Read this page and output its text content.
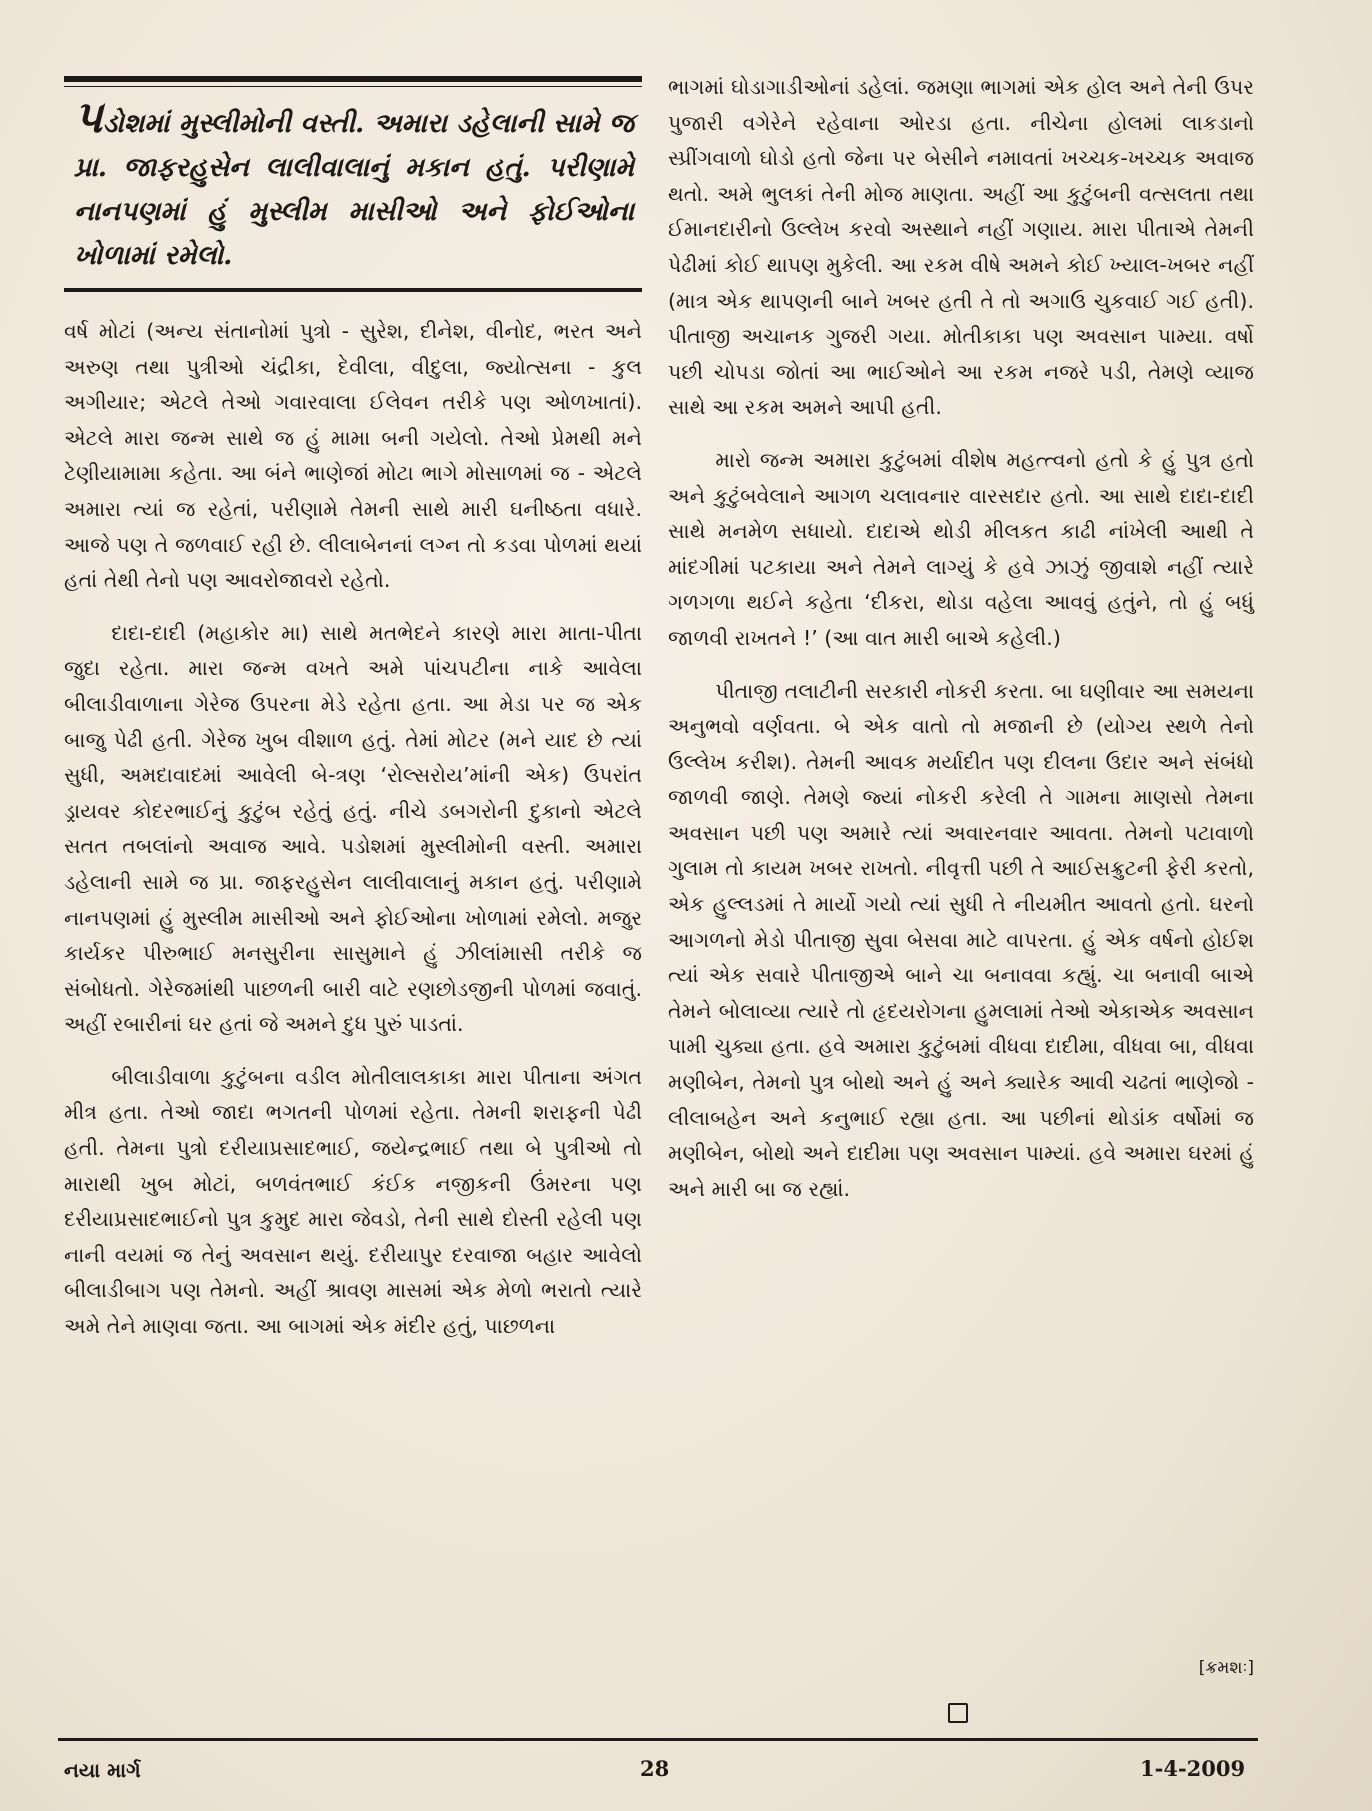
પડોશમાં મુસ્લીમોની વસ્તી. અમારા ડહેલાની સામે જ પ્રા. જાફરહુસેન લાલીવાલાનું મકાન હતું. પરીણામે નાનપણમાં હું મુસ્લીમ માસીઓ અને ફોઈઓના ખોળામાં રમેલો.

વર્ષ મોટાં (અન્ય સંતાનોમાં પુત્રો - સુરેશ, દીનેશ, વીનોદ, ભરત અને અરુણ તથા પુત્રીઓ ચંદ્રીકા, દેવીલા, વીદુલા, જ્યોત્સના - કુલ અગીયાર; એટલે તેઓ ગવારવાલા ઈલેવન તરીકે પણ ઓળખાતાં). એટલે મારા જન્મ સાથે જ હું મામા બની ગયેલો. તેઓ પ્રેમથી મને ટેણીયામામા કહેતા. આ બંને ભાણેજાં મોટા ભાગે મોસાળમાં જ - એટલે અમારા ત્યાં જ રહેતાં, પરીણામે તેમની સાથે મારી ઘનીષ્ઠતા વધારે. આજે પણ તે જળવાઈ રહી છે. લીલાબેનનાં લગ્ન તો કડવા પોળમાં થયાં હતાં તેથી તેનો પણ આવરોજાવરો રહેતો.

દાદા-દાદી (મહાકોર મા) સાથે મતભેદને કારણે મારા માતા-પીતા જુદા રહેતા. મારા જન્મ વખતે અમે પાંચપટીના નાકે આવેલા બીલાડીવાળાના ગેરેજ ઉપરના મેડે રહેતા હતા. આ મેડા પર જ એક બાજુ પેઢી હતી. ગેરેજ ખુબ વીશાળ હતું. તેમાં મોટર (મને યાદ છે ત્યાં સુધી, અમદાવાદમાં આવેલી બે-ત્રણ ‘રોલ્સરોય’માંની એક) ઉપરાંત ડ્રાયવર કોદરભાઈનું કુટુંબ રહેતું હતું. નીચે ડબગરોની દુકાનો એટલે સતત તબલાંનો અવાજ આવે. પડોશમાં મુસ્લીમોની વસ્તી. અમારા ડહેલાની સામે જ પ્રા. જાફરહુસેન લાલીવાલાનું મકાન હતું. પરીણામે નાનપણમાં હું મુસ્લીમ માસીઓ અને ફોઈઓના ખોળામાં રમેલો. મજુર કાર્યકર પીરુભાઈ મનસુરીના સાસુમાને હું ઝીલાંમાસી તરીકે જ સંબોધતો. ગેરેજમાંથી પાછળની બારી વાટે રણછોડજીની પોળમાં જવાતું. અહીં રબારીનાં ઘર હતાં જે અમને દુધ પુરું પાડતાં.

બીલાડીવાળા કુટુંબના વડીલ મોતીલાલકાકા મારા પીતાના અંગત મીત્ર હતા. તેઓ જાદા ભગતની પોળમાં રહેતા. તેમની શરાફની પેઢી હતી. તેમના પુત્રો દરીયાપ્રસાદભાઈ, જયેન્દ્રભાઈ તથા બે પુત્રીઓ તો મારાથી ખુબ મોટાં, બળવંતભાઈ કંઈક નજીકની ઉંમરના પણ દરીયાપ્રસાદભાઈનો પુત્ર કુમુદ મારા જેવડો, તેની સાથે દોસ્તી રહેલી પણ નાની વયમાં જ તેનું અવસાન થયું. દરીયાપુર દરવાજા બહાર આવેલો બીલાડીબાગ પણ તેમનો. અહીં શ્રાવણ માસમાં એક મેળો ભરાતો ત્યારે અમે તેને માણવા જતા. આ બાગમાં એક મંદીર હતું, પાછળના

ભાગમાં ઘોડાગાડીઓનાં ડહેલાં. જમણા ભાગમાં એક હોલ અને તેની ઉપર પુજારી વગેરેને રહેવાના ઓરડા હતા. નીચેના હોલમાં લાકડાનો સ્પ્રીંગવાળો ઘોડો હતો જેના પર બેસીને નમાવતાં ખચ્ચક-ખચ્ચક અવાજ થતો. અમે ભુલકાં તેની મોજ માણતા. અહીં આ કુટુંબની વત્સલતા તથા ઈમાનદારીનો ઉલ્લેખ કરવો અસ્થાને નહીં ગણાય. મારા પીતાએ તેમની પેઢીમાં કોઈ થાપણ મુકેલી. આ રકમ વીષે અમને કોઈ ખ્યાલ-ખબર નહીં (માત્ર એક થાપણની બાને ખબર હતી તે તો અગાઉ ચુકવાઈ ગઈ હતી). પીતાજી અચાનક ગુજરી ગયા. મોતીકાકા પણ અવસાન પામ્યા. વર્ષો પછી ચોપડા જોતાં આ ભાઈઓને આ રકમ નજરે પડી, તેમણે વ્યાજ સાથે આ રકમ અમને આપી હતી.

મારો જન્મ અમારા કુટુંબમાં વીશેષ મહત્ત્વનો હતો કે હું પુત્ર હતો અને કુટુંબવેલાને આગળ ચલાવનાર વારસદાર હતો. આ સાથે દાદા-દાદી સાથે મનમેળ સધાયો. દાદાએ થોડી મીલકત કાઢી નાંખેલી આથી તે માંદગીમાં પટકાયા અને તેમને લાગ્યું કે હવે ઝાઝું જીવાશે નહીં ત્યારે ગળગળા થઈને કહેતા ‘દીકરા, થોડા વહેલા આવવું હતુંને, તો હું બધું જાળવી રાખતને !’ (આ વાત મારી બાએ કહેલી.)

પીતાજી તલાટીની સરકારી નોકરી કરતા. બા ઘણીવાર આ સમયના અનુભવો વર્ણવતા. બે એક વાતો તો મજાની છે (યોગ્ય સ્થળે તેનો ઉલ્લેખ કરીશ). તેમની આવક મર્યાદીત પણ દીલના ઉદાર અને સંબંધો જાળવી જાણે. તેમણે જ્યાં નોકરી કરેલી તે ગામના માણસો તેમના અવસાન પછી પણ અમારે ત્યાં અવારનવાર આવતા. તેમનો પટાવાળો ગુલામ તો કાયમ ખબર રાખતો. નીવૃત્તી પછી તે આઈસક્રુટની ફેરી કરતો, એક હુલ્લડમાં તે માર્યો ગયો ત્યાં સુધી તે નીયમીત આવતો હતો. ઘરનો આગળનો મેડો પીતાજી સુવા બેસવા માટે વાપરતા. હું એક વર્ષનો હોઈશ ત્યાં એક સવારે પીતાજીએ બાને ચા બનાવવા કહ્યું. ચા બનાવી બાએ તેમને બોલાવ્યા ત્યારે તો હૃદયરોગના હુમલામાં તેઓ એકાએક અવસાન પામી ચુક્યા હતા. હવે અમારા કુટુંબમાં વીધવા દાદીમા, વીધવા બા, વીધવા મણીબેન, તેમનો પુત્ર બોથો અને હું અને ક્યારેક આવી ચઢતાં ભાણેજો - લીલાબહેન અને કનુભાઈ રહ્યા હતા. આ પછીનાં થોડાંક વર્ષોમાં જ મણીબેન, બોથો અને દાદીમા પણ અવસાન પામ્યાં. હવે અમારા ઘરમાં હું અને મારી બા જ રહ્યાં.

[ક્રમશઃ]
નયા માર્ગ	28	1-4-2009
